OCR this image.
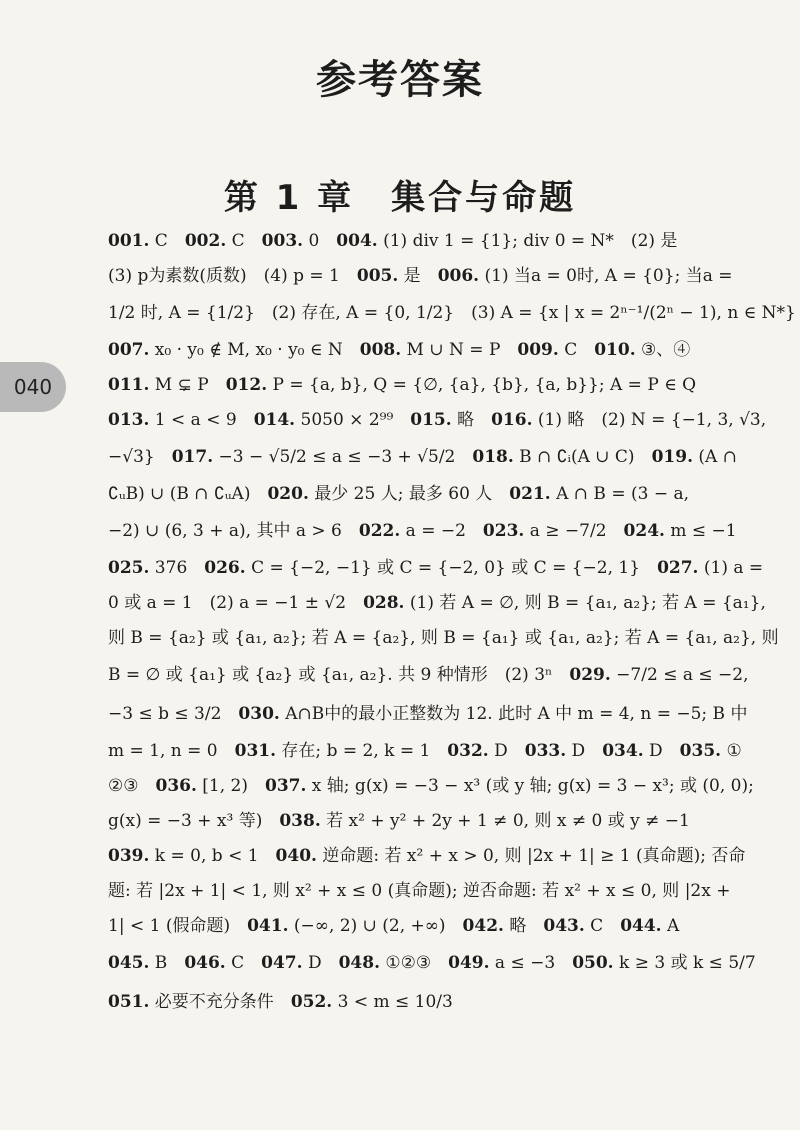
参考答案
第 1 章　集合与命题
040
001. C　002. C　003. 0　004. (1) div 1 = {1}; div 0 = N*　(2) 是
(3) p为素数(质数)　(4) p = 1　005. 是　006. (1) 当a = 0时, A = {0}; 当a =
1/2 时, A = {1/2}　(2) 存在, A = {0, 1/2}　(3) A = {x | x = 2ⁿ⁻¹/(2ⁿ − 1), n ∈ N*}
007. x₀ · y₀ ∉ M, x₀ · y₀ ∈ N　008. M ∪ N = P　009. C　010. ③、④
011. M ⊊ P　012. P = {a, b}, Q = {∅, {a}, {b}, {a, b}}; A = P ∈ Q
013. 1 < a < 9　014. 5050 × 2⁹⁹　015. 略　016. (1) 略　(2) N = {−1, 3, √3,
−√3}　017. −3 − √5/2 ≤ a ≤ −3 + √5/2　018. B ∩ ∁ᵢ(A ∪ C)　019. (A ∩
∁ᵤB) ∪ (B ∩ ∁ᵤA)　020. 最少 25 人; 最多 60 人　021. A ∩ B = (3 − a,
−2) ∪ (6, 3 + a), 其中 a > 6　022. a = −2　023. a ≥ −7/2　024. m ≤ −1
025. 376　026. C = {−2, −1} 或 C = {−2, 0} 或 C = {−2, 1}　027. (1) a =
0 或 a = 1　(2) a = −1 ± √2　028. (1) 若 A = ∅, 则 B = {a₁, a₂}; 若 A = {a₁},
则 B = {a₂} 或 {a₁, a₂}; 若 A = {a₂}, 则 B = {a₁} 或 {a₁, a₂}; 若 A = {a₁, a₂}, 则
B = ∅ 或 {a₁} 或 {a₂} 或 {a₁, a₂}. 共 9 种情形　(2) 3ⁿ　029. −7/2 ≤ a ≤ −2,
−3 ≤ b ≤ 3/2　030. A∩B中的最小正整数为 12. 此时 A 中 m = 4, n = −5; B 中
m = 1, n = 0　031. 存在; b = 2, k = 1　032. D　033. D　034. D　035. ①
②③　036. [1, 2)　037. x 轴; g(x) = −3 − x³ (或 y 轴; g(x) = 3 − x³; 或 (0, 0);
g(x) = −3 + x³ 等)　038. 若 x² + y² + 2y + 1 ≠ 0, 则 x ≠ 0 或 y ≠ −1
039. k = 0, b < 1　040. 逆命题: 若 x² + x > 0, 则 |2x + 1| ≥ 1 (真命题); 否命
题: 若 |2x + 1| < 1, 则 x² + x ≤ 0 (真命题); 逆否命题: 若 x² + x ≤ 0, 则 |2x +
1| < 1 (假命题)　041. (−∞, 2) ∪ (2, +∞)　042. 略　043. C　044. A
045. B　046. C　047. D　048. ①②③　049. a ≤ −3　050. k ≥ 3 或 k ≤ 5/7
051. 必要不充分条件　052. 3 < m ≤ 10/3
